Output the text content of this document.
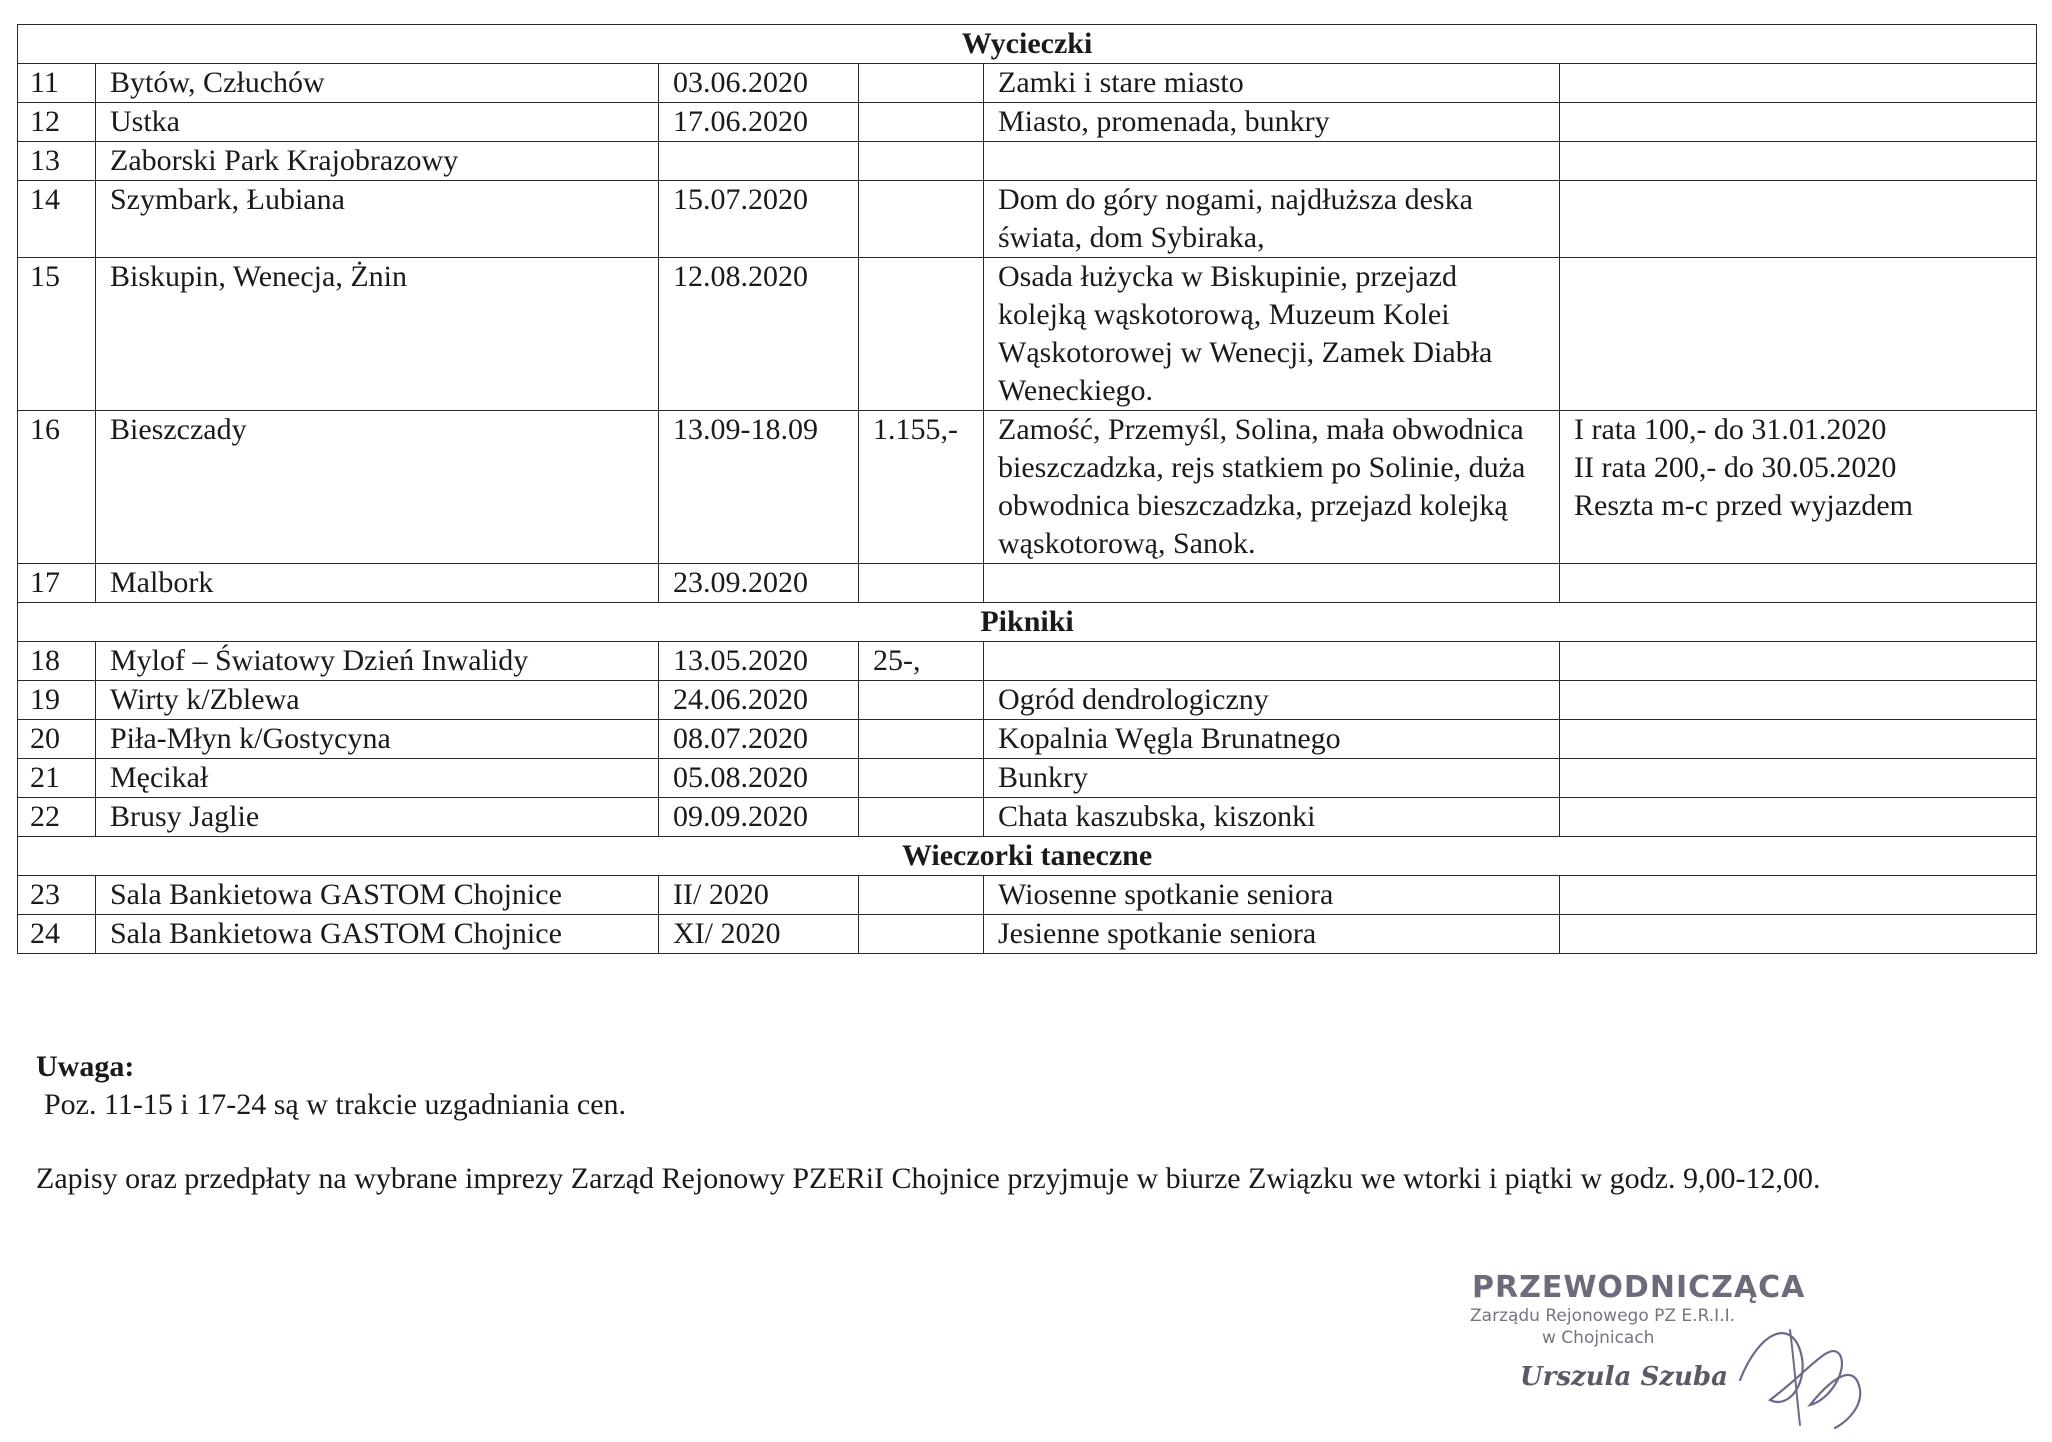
Wycieczki					
11	Bytów, Człuchów	03.06.2020		Zamki i stare miasto	
12	Ustka	17.06.2020		Miasto, promenada, bunkry	
13	Zaborski Park Krajobrazowy				
14	Szymbark, Łubiana	15.07.2020		Dom do góry nogami, najdłuższa deska świata, dom Sybiraka,	
15	Biskupin, Wenecja, Żnin	12.08.2020		Osada łużycka w Biskupinie, przejazd kolejką wąskotorową, Muzeum Kolei Wąskotorowej w Wenecji, Zamek Diabła Weneckiego.	
16	Bieszczady	13.09-18.09	1.155,-	Zamość, Przemyśl, Solina, mała obwodnica bieszczadzka, rejs statkiem po Solinie, duża obwodnica bieszczadzka, przejazd kolejką wąskotorową, Sanok.	I rata 100,- do 31.01.2020
II rata 200,- do 30.05.2020
Reszta m-c przed wyjazdem

17	Malbork	23.09.2020			
Pikniki					
18	Mylof – Światowy Dzień Inwalidy	13.05.2020	25-,		
19	Wirty k/Zblewa	24.06.2020		Ogród dendrologiczny	
20	Piła-Młyn k/Gostycyna	08.07.2020		Kopalnia Węgla Brunatnego	
21	Męcikał	05.08.2020		Bunkry	
22	Brusy Jaglie	09.09.2020		Chata kaszubska, kiszonki	
Wieczorki taneczne					
23	Sala Bankietowa GASTOM Chojnice	II/ 2020		Wiosenne spotkanie seniora	
24	Sala Bankietowa GASTOM Chojnice	XI/ 2020		Jesienne spotkanie seniora	
Uwaga:
Poz. 11-15 i 17-24 są w trakcie uzgadniania cen.
Zapisy oraz przedpłaty na wybrane imprezy Zarząd Rejonowy PZERiI Chojnice przyjmuje w biurze Związku we wtorki i piątki w godz. 9,00-12,00.
PRZEWODNICZĄCA
Zarządu Rejonowego PZ E.R.I.I.
w Chojnicach
Urszula Szuba
